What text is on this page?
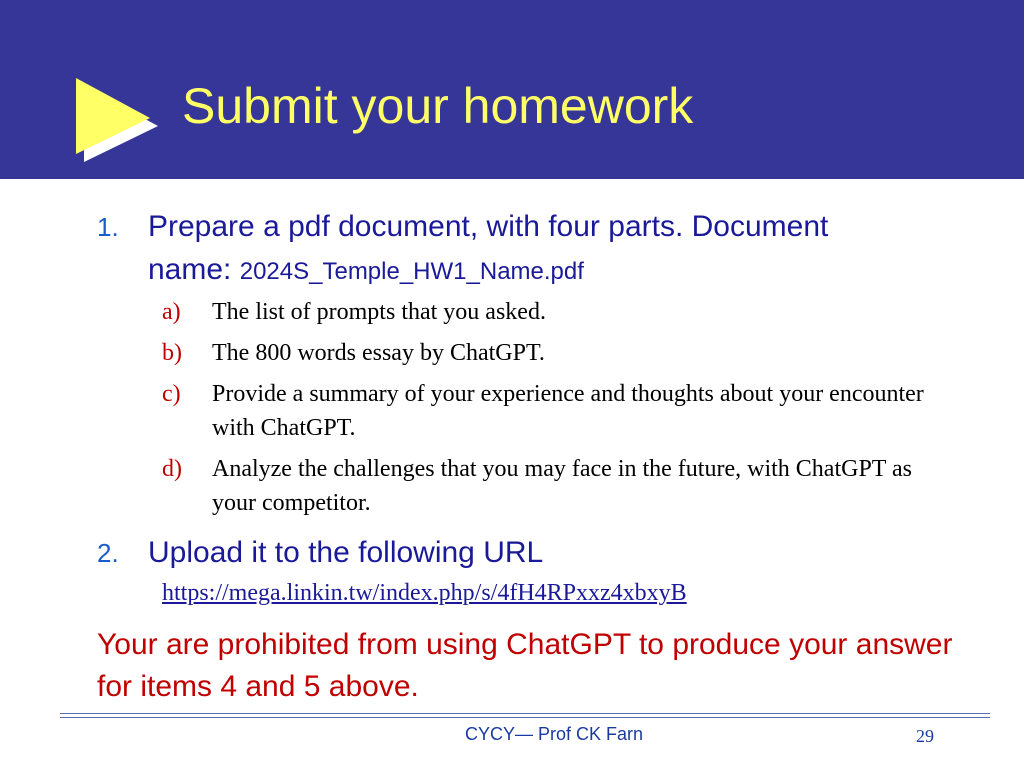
Submit your homework
1. Prepare a pdf document, with four parts. Document
name: 2024S_Temple_HW1_Name.pdf
a) The list of prompts that you asked.
b) The 800 words essay by ChatGPT.
c) Provide a summary of your experience and thoughts about your encounter with ChatGPT.
d) Analyze the challenges that you may face in the future, with ChatGPT as your competitor.
2. Upload it to the following URL
https://mega.linkin.tw/index.php/s/4fH4RPxxz4xbxyB
Your are prohibited from using ChatGPT to produce your answer for items 4 and 5 above.
CYCY— Prof CK Farn	29
